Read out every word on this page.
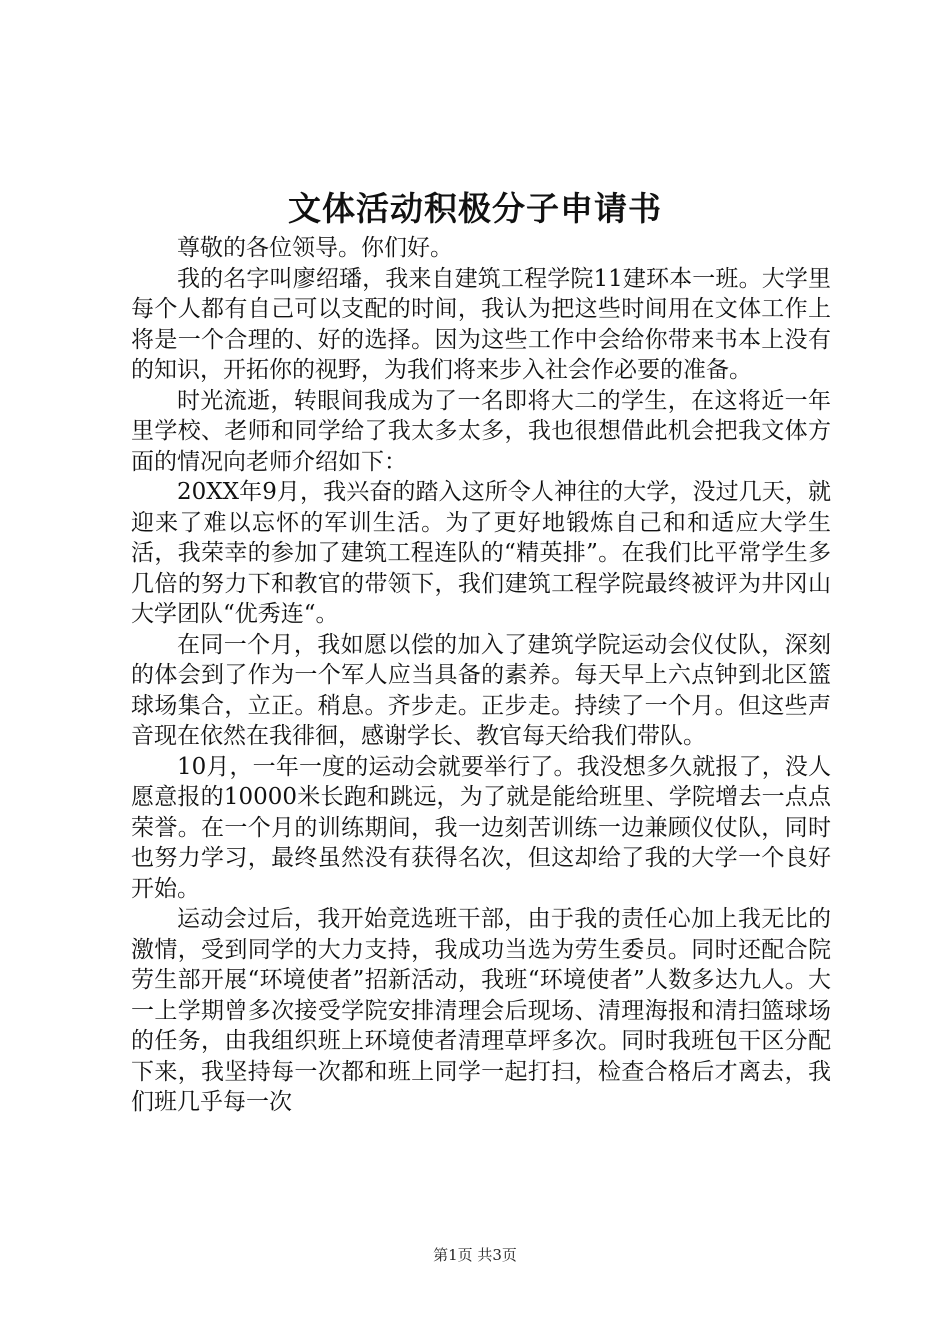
文体活动积极分子申请书

尊敬的各位领导。你们好。

我的名字叫廖绍璠，我来自建筑工程学院11建环本一班。大学里每个人都有自己可以支配的时间，我认为把这些时间用在文体工作上将是一个合理的、好的选择。因为这些工作中会给你带来书本上没有的知识，开拓你的视野，为我们将来步入社会作必要的准备。

时光流逝，转眼间我成为了一名即将大二的学生，在这将近一年里学校、老师和同学给了我太多太多，我也很想借此机会把我文体方面的情况向老师介绍如下：

20XX年9月，我兴奋的踏入这所令人神往的大学，没过几天，就迎来了难以忘怀的军训生活。为了更好地锻炼自己和和适应大学生活，我荣幸的参加了建筑工程连队的“精英排”。在我们比平常学生多几倍的努力下和教官的带领下，我们建筑工程学院最终被评为井冈山大学团队“优秀连“。

在同一个月，我如愿以偿的加入了建筑学院运动会仪仗队，深刻的体会到了作为一个军人应当具备的素养。每天早上六点钟到北区篮球场集合，立正。稍息。齐步走。正步走。持续了一个月。但这些声音现在依然在我徘徊，感谢学长、教官每天给我们带队。

10月，一年一度的运动会就要举行了。我没想多久就报了，没人愿意报的10000米长跑和跳远，为了就是能给班里、学院增去一点点荣誉。在一个月的训练期间，我一边刻苦训练一边兼顾仪仗队，同时也努力学习，最终虽然没有获得名次，但这却给了我的大学一个良好开始。

运动会过后，我开始竞选班干部，由于我的责任心加上我无比的激情，受到同学的大力支持，我成功当选为劳生委员。同时还配合院劳生部开展“环境使者”招新活动，我班“环境使者”人数多达九人。大一上学期曾多次接受学院安排清理会后现场、清理海报和清扫篮球场的任务，由我组织班上环境使者清理草坪多次。同时我班包干区分配下来，我坚持每一次都和班上同学一起打扫，检查合格后才离去，我们班几乎每一次

第1页 共3页
